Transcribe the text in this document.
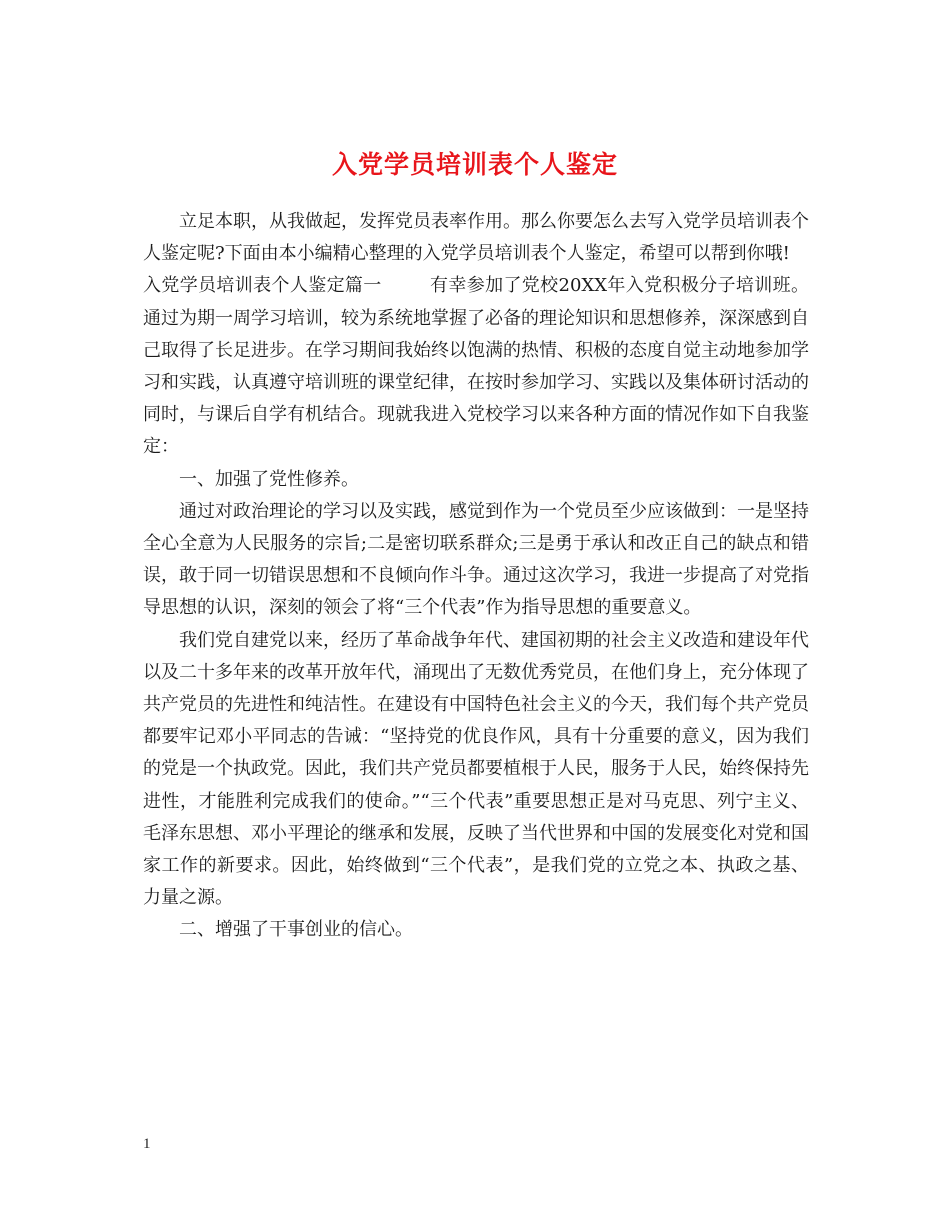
入党学员培训表个人鉴定

立足本职，从我做起，发挥党员表率作用。那么你要怎么去写入党学员培训表个人鉴定呢?下面由本小编精心整理的入党学员培训表个人鉴定，希望可以帮到你哦!

入党学员培训表个人鉴定篇一	有幸参加了党校20XX年入党积极分子培训班。通过为期一周学习培训，较为系统地掌握了必备的理论知识和思想修养，深深感到自己取得了长足进步。在学习期间我始终以饱满的热情、积极的态度自觉主动地参加学习和实践，认真遵守培训班的课堂纪律，在按时参加学习、实践以及集体研讨活动的同时，与课后自学有机结合。现就我进入党校学习以来各种方面的情况作如下自我鉴定：

一、加强了党性修养。

通过对政治理论的学习以及实践，感觉到作为一个党员至少应该做到：一是坚持全心全意为人民服务的宗旨;二是密切联系群众;三是勇于承认和改正自己的缺点和错误，敢于同一切错误思想和不良倾向作斗争。通过这次学习，我进一步提高了对党指导思想的认识，深刻的领会了将“三个代表”作为指导思想的重要意义。

我们党自建党以来，经历了革命战争年代、建国初期的社会主义改造和建设年代以及二十多年来的改革开放年代，涌现出了无数优秀党员，在他们身上，充分体现了共产党员的先进性和纯洁性。在建设有中国特色社会主义的今天，我们每个共产党员都要牢记邓小平同志的告诫：“坚持党的优良作风，具有十分重要的意义，因为我们的党是一个执政党。因此，我们共产党员都要植根于人民，服务于人民，始终保持先进性，才能胜利完成我们的使命。”“三个代表”重要思想正是对马克思、列宁主义、毛泽东思想、邓小平理论的继承和发展，反映了当代世界和中国的发展变化对党和国家工作的新要求。因此，始终做到“三个代表”，是我们党的立党之本、执政之基、力量之源。

二、增强了干事创业的信心。

1
